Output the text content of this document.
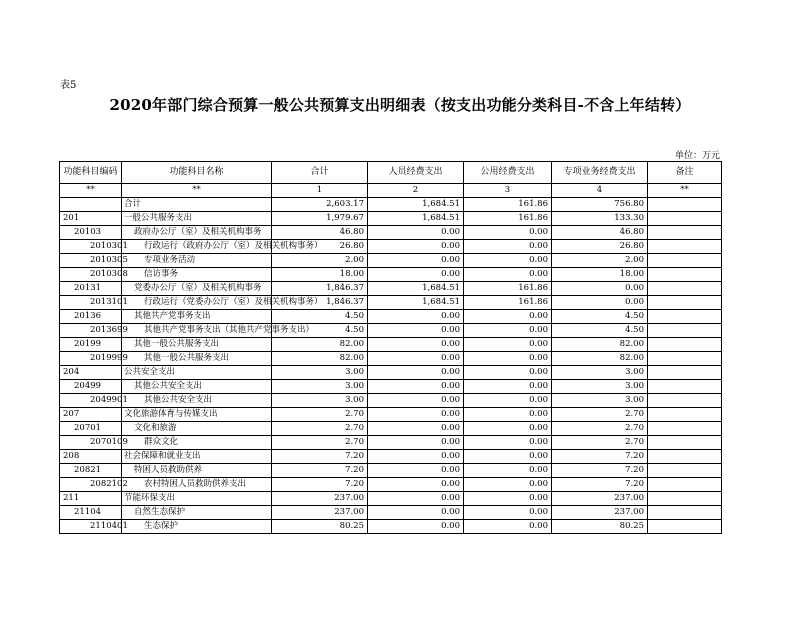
表5
2020年部门综合预算一般公共预算支出明细表（按支出功能分类科目-不含上年结转）
单位：万元
功能科目编码	功能科目名称	合计	人员经费支出	公用经费支出	专项业务经费支出	备注
**	**	1	2	3	4	**
	合计	2,603.17	1,684.51	161.86	756.80	
201	一般公共服务支出	1,979.67	1,684.51	161.86	133.30	
20103	政府办公厅（室）及相关机构事务	46.80	0.00	0.00	46.80	
2010301	行政运行（政府办公厅（室）及相关机构事务）	26.80	0.00	0.00	26.80	
2010305	专项业务活动	2.00	0.00	0.00	2.00	
2010308	信访事务	18.00	0.00	0.00	18.00	
20131	党委办公厅（室）及相关机构事务	1,846.37	1,684.51	161.86	0.00	
2013101	行政运行（党委办公厅（室）及相关机构事务）	1,846.37	1,684.51	161.86	0.00	
20136	其他共产党事务支出	4.50	0.00	0.00	4.50	
2013699	其他共产党事务支出（其他共产党事务支出）	4.50	0.00	0.00	4.50	
20199	其他一般公共服务支出	82.00	0.00	0.00	82.00	
2019999	其他一般公共服务支出	82.00	0.00	0.00	82.00	
204	公共安全支出	3.00	0.00	0.00	3.00	
20499	其他公共安全支出	3.00	0.00	0.00	3.00	
2049901	其他公共安全支出	3.00	0.00	0.00	3.00	
207	文化旅游体育与传媒支出	2.70	0.00	0.00	2.70	
20701	文化和旅游	2.70	0.00	0.00	2.70	
2070109	群众文化	2.70	0.00	0.00	2.70	
208	社会保障和就业支出	7.20	0.00	0.00	7.20	
20821	特困人员救助供养	7.20	0.00	0.00	7.20	
2082102	农村特困人员救助供养支出	7.20	0.00	0.00	7.20	
211	节能环保支出	237.00	0.00	0.00	237.00	
21104	自然生态保护	237.00	0.00	0.00	237.00	
2110401	生态保护	80.25	0.00	0.00	80.25	
